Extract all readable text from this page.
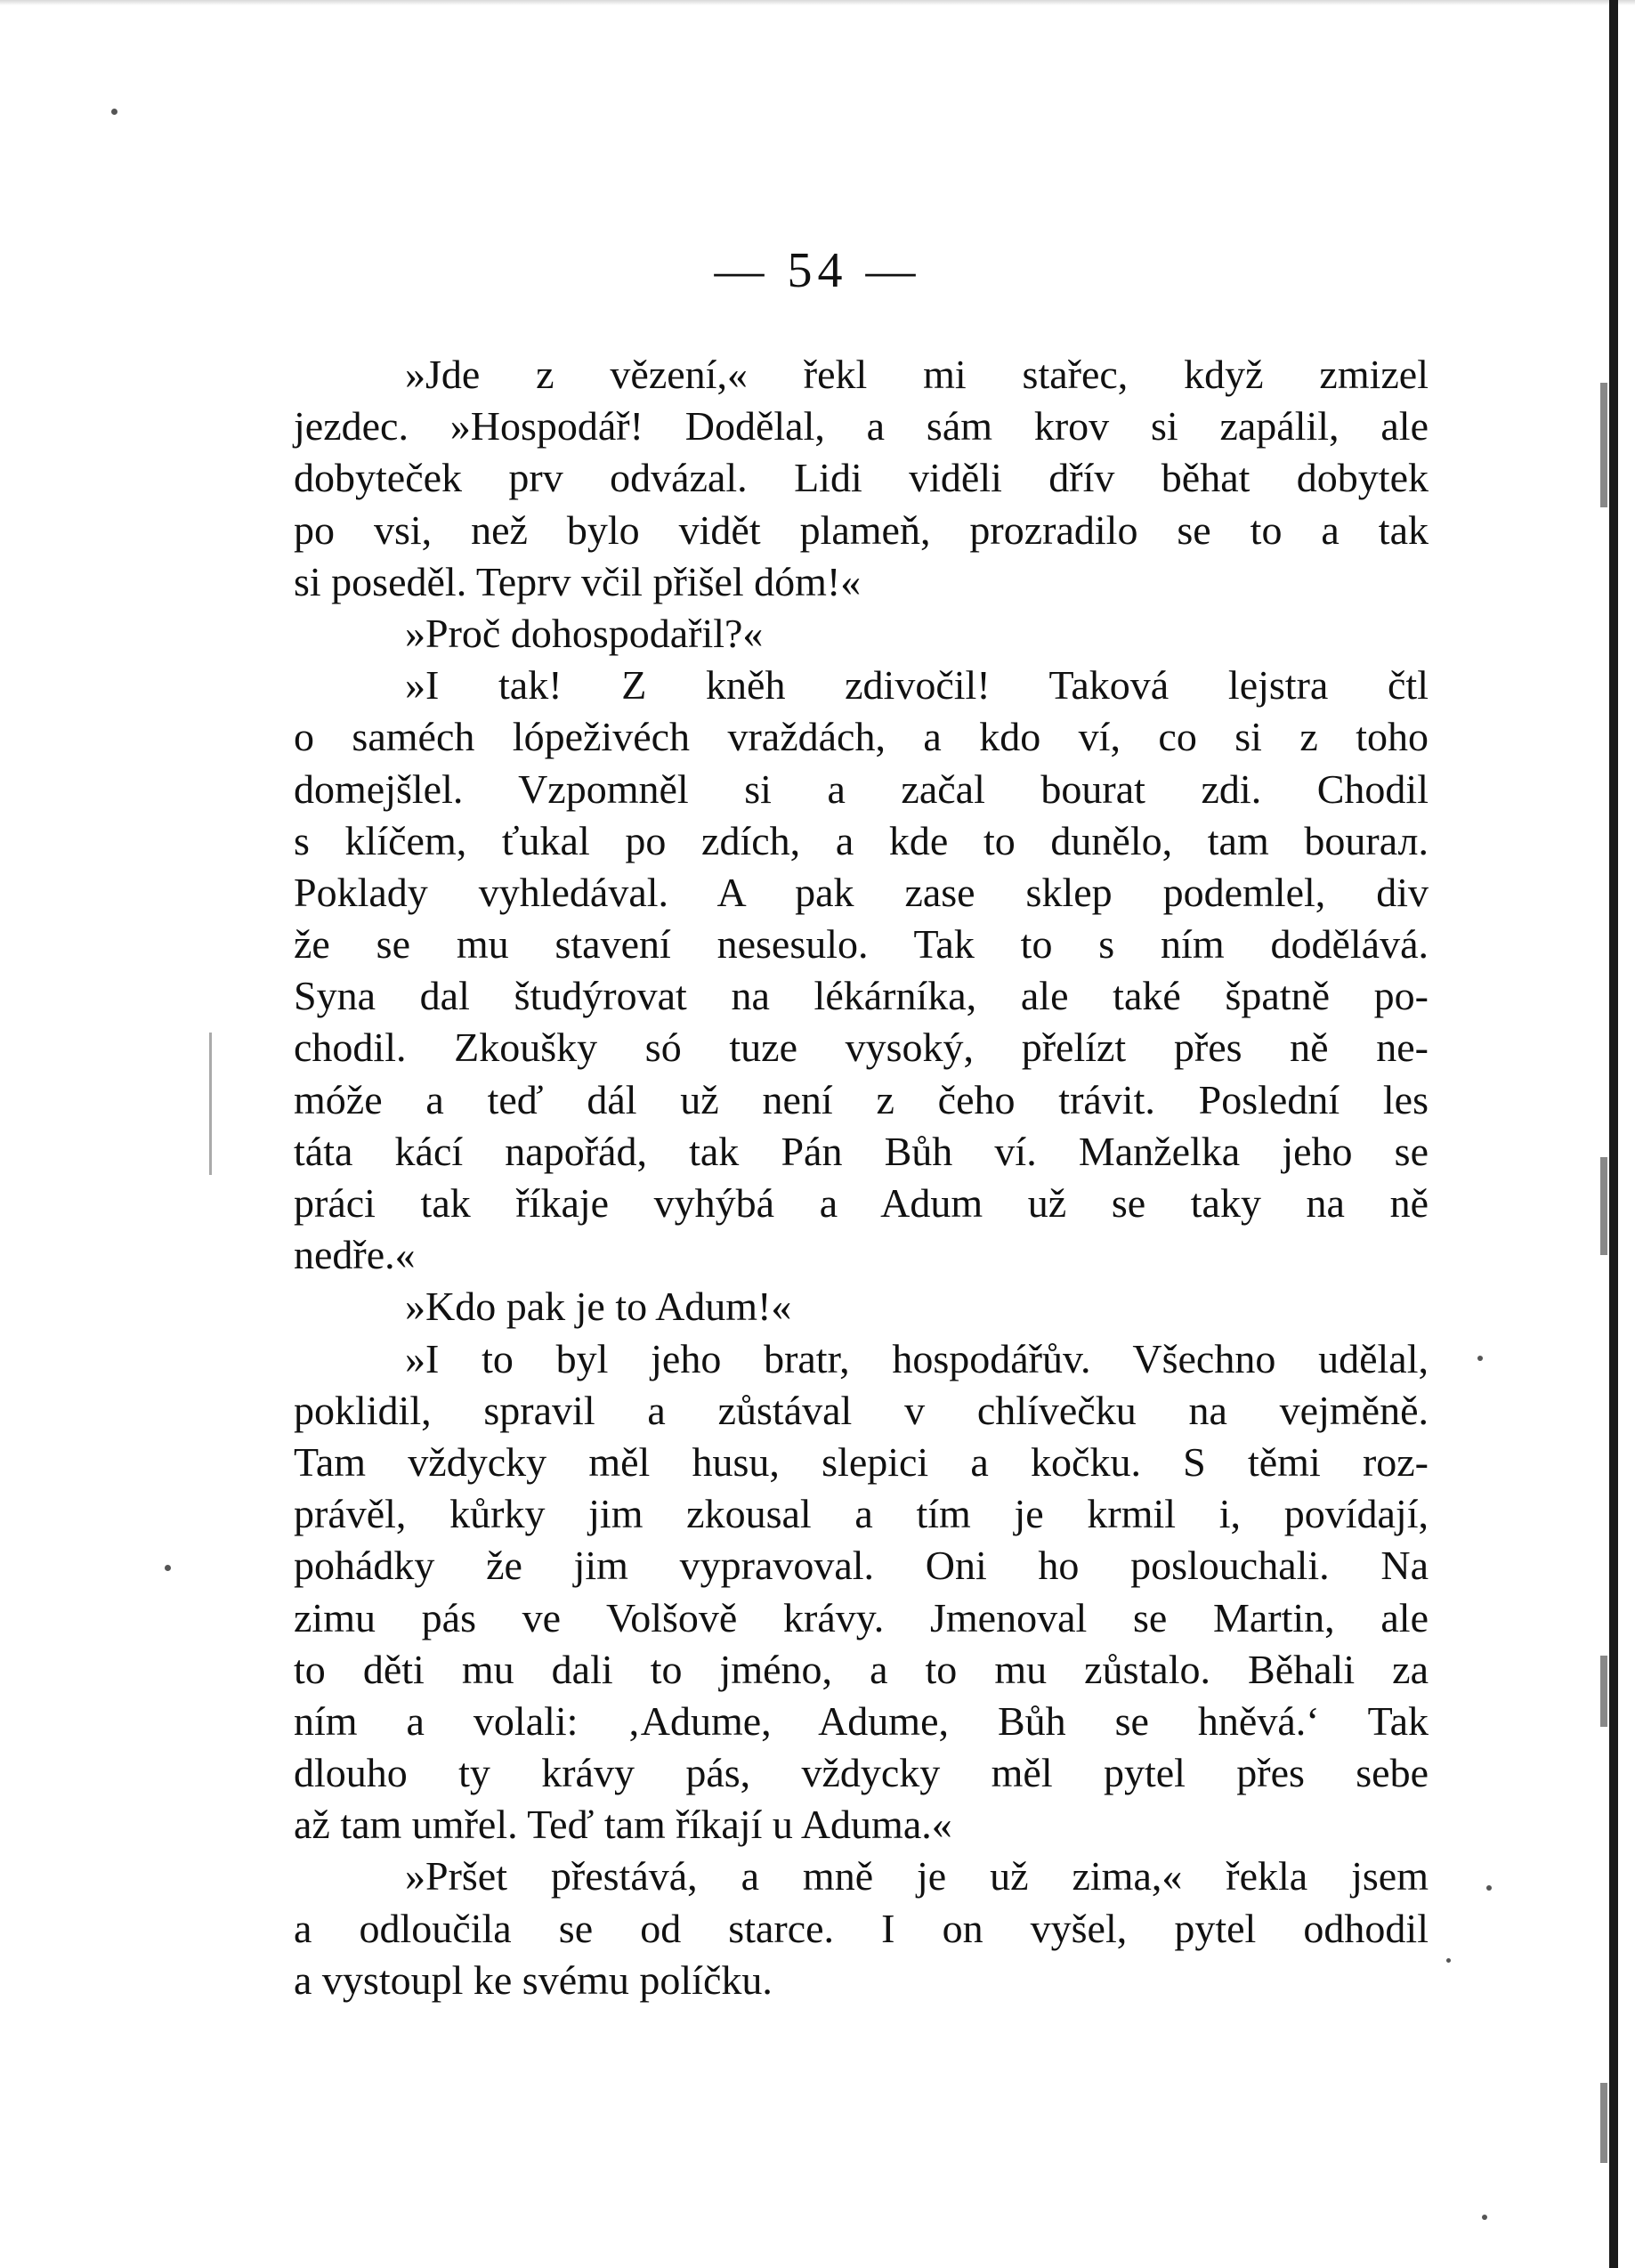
— 54 —
»Jde z vězení,« řekl mi stařec, když zmizel
jezdec. »Hospodář! Dodělal, a sám krov si zapálil, ale
dobyteček prv odvázal. Lidi viděli dřív běhat dobytek
po vsi, než bylo vidět plameň, prozradilo se to a tak
si poseděl. Teprv včil přišel dóm!«
»Proč dohospodařil?«
»I tak! Z kněh zdivočil! Taková lejstra čtl
o saméch lópeživéch vraždách, a kdo ví, co si z toho
domejšlel. Vzpomněl si a začal bourat zdi. Chodil
s klíčem, ťukal po zdích, a kde to dunělo, tam bourал.
Poklady vyhledával. A pak zase sklep podemlel, div
že se mu stavení nesesulo. Tak to s ním dodělává.
Syna dal študýrovat na lékárníka, ale také špatně po-
chodil. Zkoušky só tuze vysoký, přelízt přes ně ne-
móže a teď dál už není z čeho trávit. Poslední les
táta kácí napořád, tak Pán Bůh ví. Manželka jeho se
práci tak říkaje vyhýbá a Adum už se taky na ně
nedře.«
»Kdo pak je to Adum!«
»I to byl jeho bratr, hospodářův. Všechno udělal,
poklidil, spravil a zůstával v chlívečku na vejměně.
Tam vždycky měl husu, slepici a kočku. S těmi roz-
právěl, kůrky jim zkousal a tím je krmil i, povídají,
pohádky že jim vypravoval. Oni ho poslouchali. Na
zimu pás ve Volšově krávy. Jmenoval se Martin, ale
to děti mu dali to jméno, a to mu zůstalo. Běhali za
ním a volali: ‚Adume, Adume, Bůh se hněvá.‘ Tak
dlouho ty krávy pás, vždycky měl pytel přes sebe
až tam umřel. Teď tam říkají u Aduma.«
»Pršet přestává, a mně je už zima,« řekla jsem
a odloučila se od starce. I on vyšel, pytel odhodil
a vystoupl ke svému políčku.
